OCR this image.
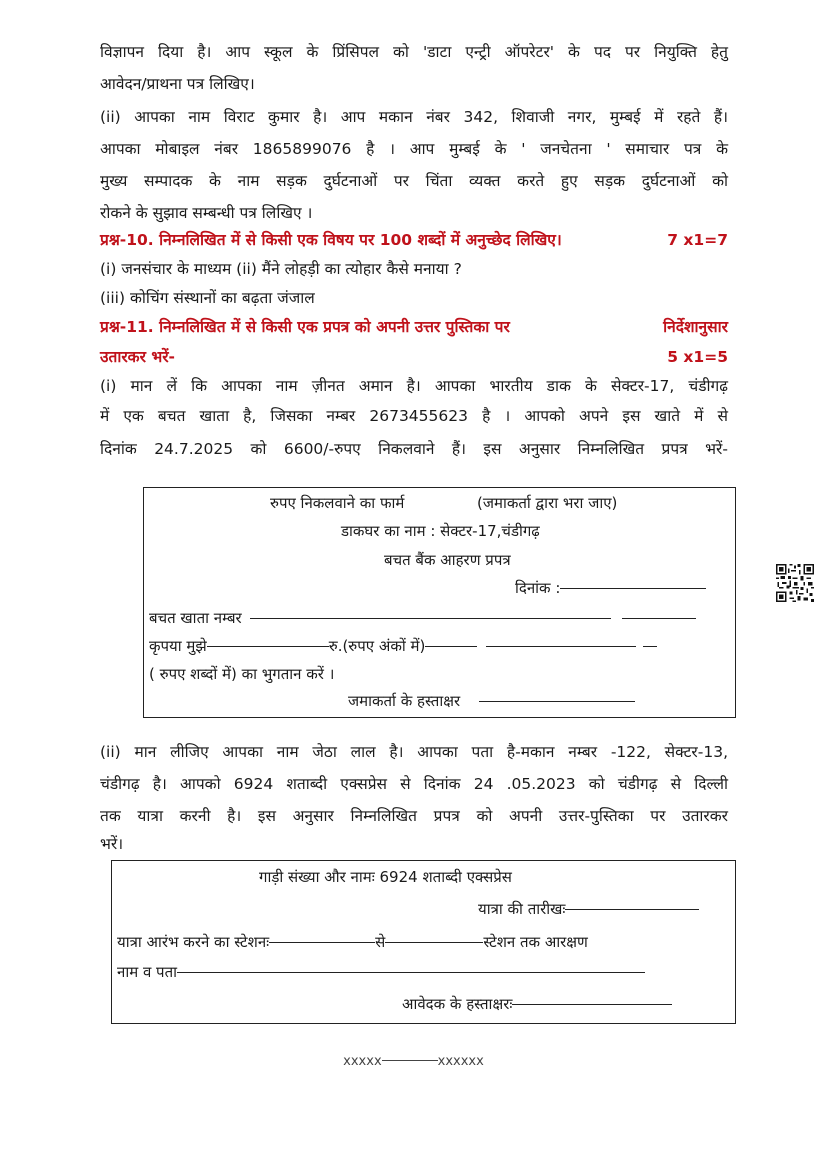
विज्ञापन दिया है। आप स्कूल के प्रिंसिपल को 'डाटा एन्ट्री ऑपरेटर' के पद पर नियुक्ति हेतु
आवेदन/प्राथना पत्र लिखिए।
(ii) आपका नाम विराट कुमार है। आप मकान नंबर 342, शिवाजी नगर, मुम्बई में रहते हैं।
आपका मोबाइल नंबर 1865899076 है । आप मुम्बई के ' जनचेतना ' समाचार पत्र के
मुख्य सम्पादक के नाम सड़क दुर्घटनाओं पर चिंता व्यक्त करते हुए सड़क दुर्घटनाओं को
रोकने के सुझाव सम्बन्धी पत्र लिखिए ।
प्रश्न-10. निम्नलिखित में से किसी एक विषय पर 100 शब्दों में अनुच्छेद लिखिए।	7 x1=7
(i) जनसंचार के माध्यम (ii) मैंने लोहड़ी का त्योहार कैसे मनाया ?
(iii) कोचिंग संस्थानों का बढ़ता जंजाल
प्रश्न-11. निम्नलिखित में से किसी एक प्रपत्र को अपनी उत्तर पुस्तिका पर	निर्देशानुसार
उतारकर भरें-	5 x1=5
(i) मान लें कि आपका नाम ज़ीनत अमान है। आपका भारतीय डाक के सेक्टर-17, चंडीगढ़
में एक बचत खाता है, जिसका नम्बर 2673455623 है । आपको अपने इस खाते में से
दिनांक 24.7.2025 को 6600/-रुपए निकलवाने हैं। इस अनुसार निम्नलिखित प्रपत्र भरें-
रुपए निकलवाने का फार्म	(जमाकर्ता द्वारा भरा जाए)
डाकघर का नाम : सेक्टर-17,चंडीगढ़
बचत बैंक आहरण प्रपत्र
दिनांक :
बचत खाता नम्बर
कृपया मुझे	रु.(रुपए अंकों में)
( रुपए शब्दों में) का भुगतान करें ।
जमाकर्ता के हस्ताक्षर
(ii) मान लीजिए आपका नाम जेठा लाल है। आपका पता है-मकान नम्बर -122, सेक्टर-13,
चंडीगढ़ है। आपको 6924 शताब्दी एक्सप्रेस से दिनांक 24 .05.2023 को चंडीगढ़ से दिल्ली
तक यात्रा करनी है। इस अनुसार निम्नलिखित प्रपत्र को अपनी उत्तर-पुस्तिका पर उतारकर
भरें।
गाड़ी संख्या और नामः 6924 शताब्दी एक्सप्रेस
यात्रा की तारीखः
यात्रा आरंभ करने का स्टेशनः	से	स्टेशन तक आरक्षण
नाम व पता
आवेदक के हस्ताक्षरः
xxxxx	xxxxxx
